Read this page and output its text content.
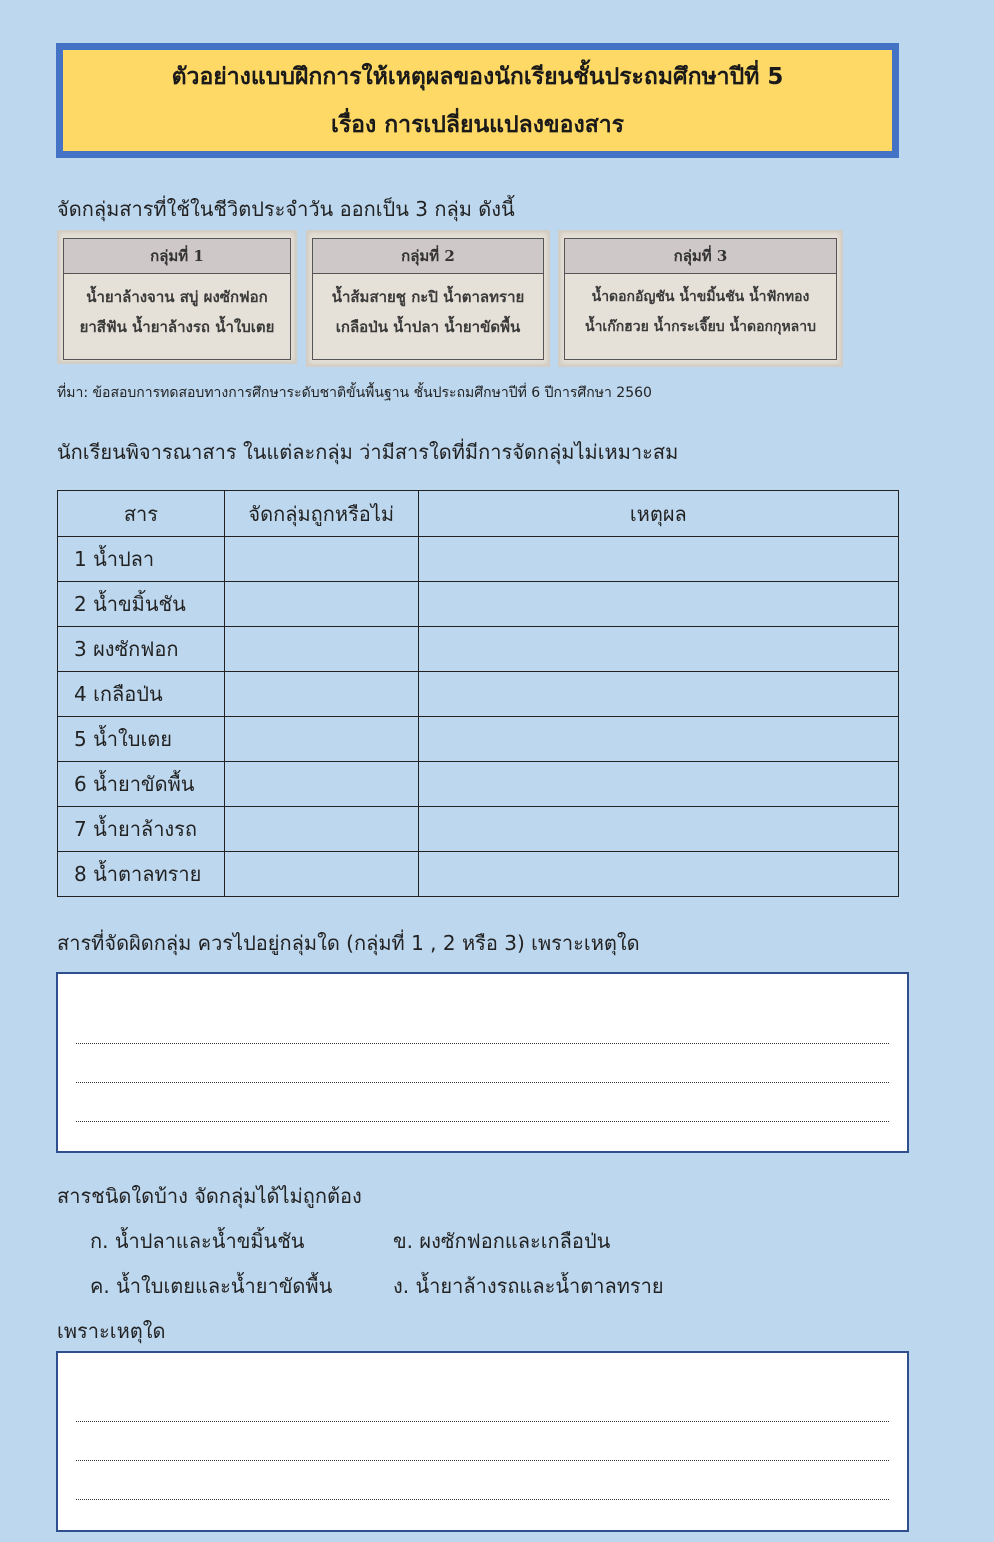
ตัวอย่างแบบฝึกการให้เหตุผลของนักเรียนชั้นประถมศึกษาปีที่ 5
เรื่อง การเปลี่ยนแปลงของสาร
จัดกลุ่มสารที่ใช้ในชีวิตประจำวัน ออกเป็น 3 กลุ่ม ดังนี้
กลุ่มที่ 1
น้ำยาล้างจาน สบู่ ผงซักฟอก
ยาสีฟัน น้ำยาล้างรถ น้ำใบเตย
กลุ่มที่ 2
น้ำส้มสายชู กะปิ น้ำตาลทราย
เกลือป่น น้ำปลา น้ำยาขัดพื้น
กลุ่มที่ 3
น้ำดอกอัญชัน น้ำขมิ้นชัน น้ำฟักทอง
น้ำเก๊กฮวย น้ำกระเจี๊ยบ น้ำดอกกุหลาบ
ที่มา: ข้อสอบการทดสอบทางการศึกษาระดับชาติขั้นพื้นฐาน ชั้นประถมศึกษาปีที่ 6 ปีการศึกษา 2560
นักเรียนพิจารณาสาร ในแต่ละกลุ่ม ว่ามีสารใดที่มีการจัดกลุ่มไม่เหมาะสม
สาร	จัดกลุ่มถูกหรือไม่	เหตุผล
1 น้ำปลา		
2 น้ำขมิ้นชัน		
3 ผงซักฟอก		
4 เกลือป่น		
5 น้ำใบเตย		
6 น้ำยาขัดพื้น		
7 น้ำยาล้างรถ		
8 น้ำตาลทราย		
สารที่จัดผิดกลุ่ม ควรไปอยู่กลุ่มใด (กลุ่มที่ 1 , 2 หรือ 3) เพราะเหตุใด
สารชนิดใดบ้าง จัดกลุ่มได้ไม่ถูกต้อง
ก. น้ำปลาและน้ำขมิ้นชัน	ข. ผงซักฟอกและเกลือป่น
ค. น้ำใบเตยและน้ำยาขัดพื้น	ง. น้ำยาล้างรถและน้ำตาลทราย
เพราะเหตุใด
